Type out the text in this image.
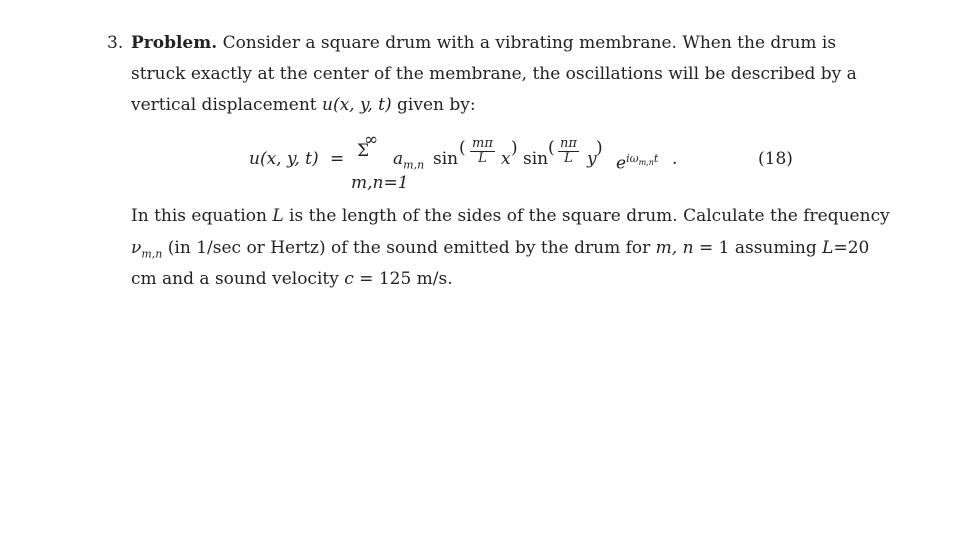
3. Problem. Consider a square drum with a vibrating membrane. When the drum is
struck exactly at the center of the membrane, the oscillations will be described by a
vertical displacement u(x, y, t) given by:
u(x, y, t) =
∞
Σ
m,n=1
$a_{m,n}$ sin
( $\frac{m\pi}{L}$ x
)
sin
( $\frac{n\pi}{L}$ y
)
$e^{i\omega_{m,n}t}$ .	(18)
In this equation L is the length of the sides of the square drum. Calculate the frequency
$\nu_{m,n}$ (in 1/sec or Hertz) of the sound emitted by the drum for m, n = 1 assuming L=20
cm and a sound velocity c = 125 m/s.
